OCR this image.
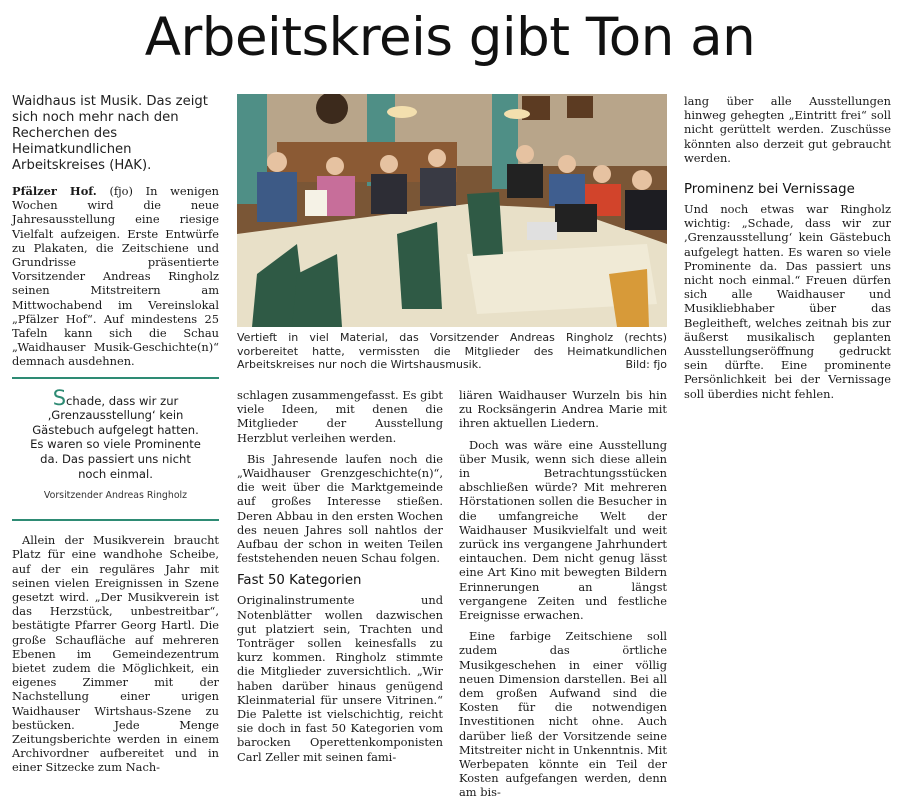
Arbeitskreis gibt Ton an
Waidhaus ist Musik. Das zeigt sich noch mehr nach den Recherchen des Heimatkundlichen Arbeitskreises (HAK).

Pfälzer Hof. (fjo) In wenigen Wochen wird die neue Jahresausstellung eine riesige Vielfalt aufzeigen. Erste Entwürfe zu Plakaten, die Zeitschiene und Grundrisse präsentierte Vorsitzender Andreas Ringholz seinen Mitstreitern am Mittwochabend im Vereinslokal „Pfälzer Hof“. Auf mindestens 25 Tafeln kann sich die Schau „Waidhauser Musik-Geschichte(n)“ demnach ausdehnen.

Schade, dass wir zur ‚Grenzausstellung‘ kein Gästebuch aufgelegt hatten. Es waren so viele Prominente da. Das passiert uns nicht noch einmal.
Vorsitzender Andreas Ringholz

Allein der Musikverein braucht Platz für eine wandhohe Scheibe, auf der ein reguläres Jahr mit seinen vielen Ereignissen in Szene gesetzt wird. „Der Musikverein ist das Herzstück, unbestreitbar“, bestätigte Pfarrer Georg Hartl. Die große Schaufläche auf mehreren Ebenen im Gemeindezentrum bietet zudem die Möglichkeit, ein eigenes Zimmer mit der Nachstellung einer urigen Waidhauser Wirtshaus-Szene zu bestücken. Jede Menge Zeitungsberichte werden in einem Archivordner aufbereitet und in einer Sitzecke zum Nach-

Vertieft in viel Material, das Vorsitzender Andreas Ringholz (rechts) vorbereitet hatte, vermissten die Mitglieder des Heimatkundlichen Arbeitskreises nur noch die Wirtshausmusik.	Bild: fjo

schlagen zusammengefasst. Es gibt viele Ideen, mit denen die Mitglieder der Ausstellung Herzblut verleihen werden.

Bis Jahresende laufen noch die „Waidhauser Grenzgeschichte(n)“, die weit über die Marktgemeinde auf großes Interesse stießen. Deren Abbau in den ersten Wochen des neuen Jahres soll nahtlos der Aufbau der schon in weiten Teilen feststehenden neuen Schau folgen.

Fast 50 Kategorien

Originalinstrumente und Notenblätter wollen dazwischen gut platziert sein, Trachten und Tonträger sollen keinesfalls zu kurz kommen. Ringholz stimmte die Mitglieder zuversichtlich. „Wir haben darüber hinaus genügend Kleinmaterial für unsere Vitrinen.“ Die Palette ist vielschichtig, reicht sie doch in fast 50 Kategorien vom barocken Operettenkomponisten Carl Zeller mit seinen fami-

liären Waidhauser Wurzeln bis hin zu Rocksängerin Andrea Marie mit ihren aktuellen Liedern.

Doch was wäre eine Ausstellung über Musik, wenn sich diese allein in Betrachtungsstücken abschließen würde? Mit mehreren Hörstationen sollen die Besucher in die umfangreiche Welt der Waidhauser Musikvielfalt und weit zurück ins vergangene Jahrhundert eintauchen. Dem nicht genug lässt eine Art Kino mit bewegten Bildern Erinnerungen an längst vergangene Zeiten und festliche Ereignisse erwachen.

Eine farbige Zeitschiene soll zudem das örtliche Musikgeschehen in einer völlig neuen Dimension darstellen. Bei all dem großen Aufwand sind die Kosten für die notwendigen Investitionen nicht ohne. Auch darüber ließ der Vorsitzende seine Mitstreiter nicht in Unkenntnis. Mit Werbepaten könnte ein Teil der Kosten aufgefangen werden, denn am bis-

lang über alle Ausstellungen hinweg gehegten „Eintritt frei“ soll nicht gerüttelt werden. Zuschüsse könnten also derzeit gut gebraucht werden.

Prominenz bei Vernissage

Und noch etwas war Ringholz wichtig: „Schade, dass wir zur ‚Grenzausstellung‘ kein Gästebuch aufgelegt hatten. Es waren so viele Prominente da. Das passiert uns nicht noch einmal.“ Freuen dürfen sich alle Waidhauser und Musikliebhaber über das Begleitheft, welches zeitnah bis zur äußerst musikalisch geplanten Ausstellungseröffnung gedruckt sein dürfte. Eine prominente Persönlichkeit bei der Vernissage soll überdies nicht fehlen.
